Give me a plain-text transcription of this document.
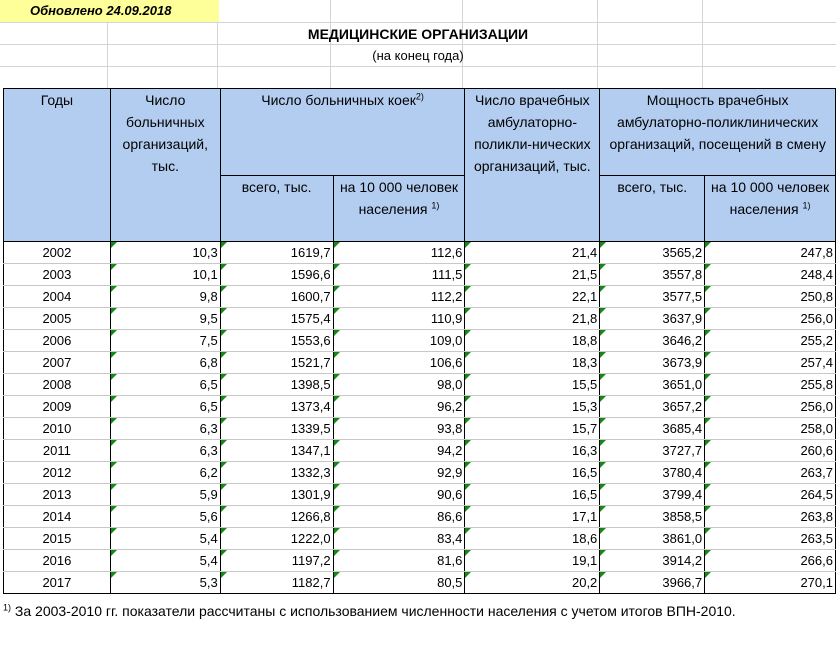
Обновлено 24.09.2018
МЕДИЦИНСКИЕ ОРГАНИЗАЦИИ
(на конец года)
Годы	Число больничных организаций, тыс.	Число больничных коек$^{2)}$		Число врачебных амбулаторно-поликли-нических организаций, тыс.	Мощность врачебных амбулаторно-поликлинических организаций, посещений в смену	
		всего, тыс.	на 10 000 человек населения $^{1)}$		всего, тыс.	на 10 000 человек населения $^{1)}$
2002	10,3	1619,7	112,6	21,4	3565,2	247,8
2003	10,1	1596,6	111,5	21,5	3557,8	248,4
2004	9,8	1600,7	112,2	22,1	3577,5	250,8
2005	9,5	1575,4	110,9	21,8	3637,9	256,0
2006	7,5	1553,6	109,0	18,8	3646,2	255,2
2007	6,8	1521,7	106,6	18,3	3673,9	257,4
2008	6,5	1398,5	98,0	15,5	3651,0	255,8
2009	6,5	1373,4	96,2	15,3	3657,2	256,0
2010	6,3	1339,5	93,8	15,7	3685,4	258,0
2011	6,3	1347,1	94,2	16,3	3727,7	260,6
2012	6,2	1332,3	92,9	16,5	3780,4	263,7
2013	5,9	1301,9	90,6	16,5	3799,4	264,5
2014	5,6	1266,8	86,6	17,1	3858,5	263,8
2015	5,4	1222,0	83,4	18,6	3861,0	263,5
2016	5,4	1197,2	81,6	19,1	3914,2	266,6
2017	5,3	1182,7	80,5	20,2	3966,7	270,1
$^{1)}$ За 2003-2010 гг. показатели рассчитаны с использованием численности населения с учетом итогов ВПН-2010.
